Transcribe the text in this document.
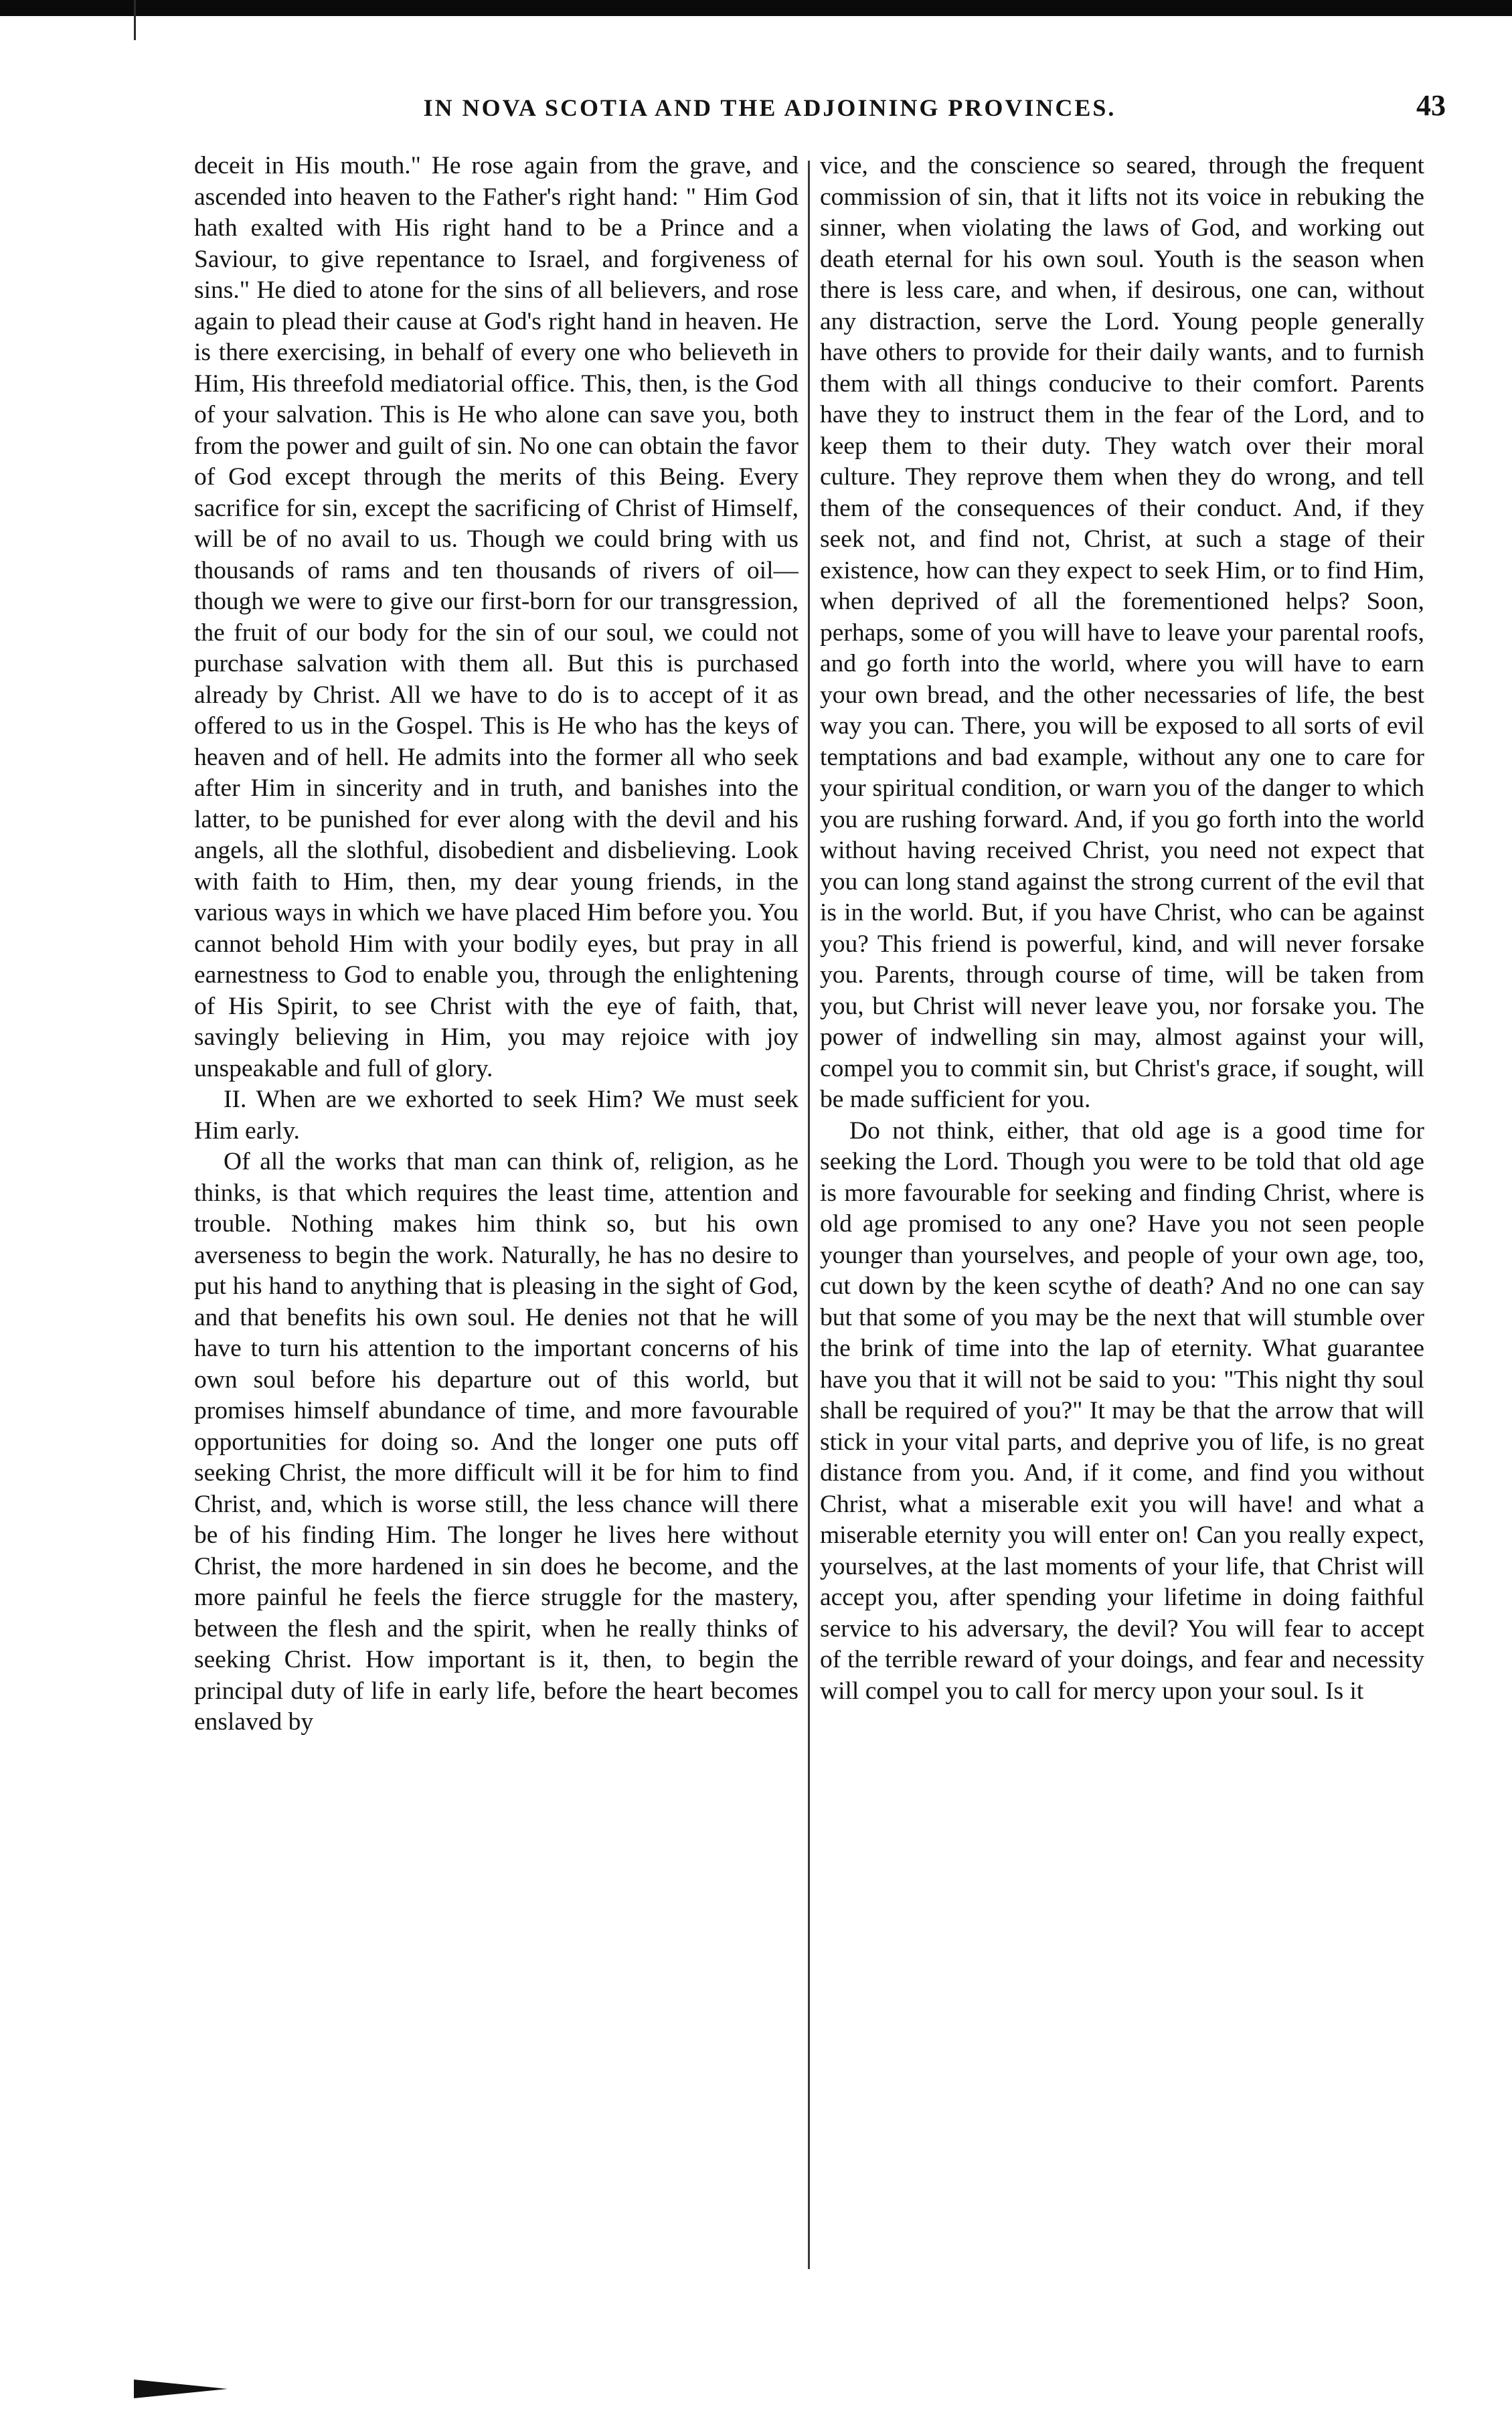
IN NOVA SCOTIA AND THE ADJOINING PROVINCES.	43

deceit in His mouth." He rose again from the grave, and ascended into heaven to the Father's right hand: " Him God hath exalted with His right hand to be a Prince and a Saviour, to give repentance to Israel, and forgiveness of sins." He died to atone for the sins of all believers, and rose again to plead their cause at God's right hand in heaven. He is there exercising, in behalf of every one who believeth in Him, His threefold mediatorial office. This, then, is the God of your salvation. This is He who alone can save you, both from the power and guilt of sin. No one can obtain the favor of God except through the merits of this Being. Every sacrifice for sin, except the sacrificing of Christ of Himself, will be of no avail to us. Though we could bring with us thousands of rams and ten thousands of rivers of oil—though we were to give our first-born for our transgression, the fruit of our body for the sin of our soul, we could not purchase salvation with them all. But this is purchased already by Christ. All we have to do is to accept of it as offered to us in the Gospel. This is He who has the keys of heaven and of hell. He admits into the former all who seek after Him in sincerity and in truth, and banishes into the latter, to be punished for ever along with the devil and his angels, all the slothful, disobedient and disbelieving. Look with faith to Him, then, my dear young friends, in the various ways in which we have placed Him before you. You cannot behold Him with your bodily eyes, but pray in all earnestness to God to enable you, through the enlightening of His Spirit, to see Christ with the eye of faith, that, savingly believing in Him, you may rejoice with joy unspeakable and full of glory.

II. When are we exhorted to seek Him? We must seek Him early.

Of all the works that man can think of, religion, as he thinks, is that which requires the least time, attention and trouble. Nothing makes him think so, but his own averseness to begin the work. Naturally, he has no desire to put his hand to anything that is pleasing in the sight of God, and that benefits his own soul. He denies not that he will have to turn his attention to the important concerns of his own soul before his departure out of this world, but promises himself abundance of time, and more favourable opportunities for doing so. And the longer one puts off seeking Christ, the more difficult will it be for him to find Christ, and, which is worse still, the less chance will there be of his finding Him. The longer he lives here without Christ, the more hardened in sin does he become, and the more painful he feels the fierce struggle for the mastery, between the flesh and the spirit, when he really thinks of seeking Christ. How important is it, then, to begin the principal duty of life in early life, before the heart becomes enslaved by

vice, and the conscience so seared, through the frequent commission of sin, that it lifts not its voice in rebuking the sinner, when violating the laws of God, and working out death eternal for his own soul. Youth is the season when there is less care, and when, if desirous, one can, without any distraction, serve the Lord. Young people generally have others to provide for their daily wants, and to furnish them with all things conducive to their comfort. Parents have they to instruct them in the fear of the Lord, and to keep them to their duty. They watch over their moral culture. They reprove them when they do wrong, and tell them of the consequences of their conduct. And, if they seek not, and find not, Christ, at such a stage of their existence, how can they expect to seek Him, or to find Him, when deprived of all the forementioned helps? Soon, perhaps, some of you will have to leave your parental roofs, and go forth into the world, where you will have to earn your own bread, and the other necessaries of life, the best way you can. There, you will be exposed to all sorts of evil temptations and bad example, without any one to care for your spiritual condition, or warn you of the danger to which you are rushing forward. And, if you go forth into the world without having received Christ, you need not expect that you can long stand against the strong current of the evil that is in the world. But, if you have Christ, who can be against you? This friend is powerful, kind, and will never forsake you. Parents, through course of time, will be taken from you, but Christ will never leave you, nor forsake you. The power of indwelling sin may, almost against your will, compel you to commit sin, but Christ's grace, if sought, will be made sufficient for you.

Do not think, either, that old age is a good time for seeking the Lord. Though you were to be told that old age is more favourable for seeking and finding Christ, where is old age promised to any one? Have you not seen people younger than yourselves, and people of your own age, too, cut down by the keen scythe of death? And no one can say but that some of you may be the next that will stumble over the brink of time into the lap of eternity. What guarantee have you that it will not be said to you: "This night thy soul shall be required of you?" It may be that the arrow that will stick in your vital parts, and deprive you of life, is no great distance from you. And, if it come, and find you without Christ, what a miserable exit you will have! and what a miserable eternity you will enter on! Can you really expect, yourselves, at the last moments of your life, that Christ will accept you, after spending your lifetime in doing faithful service to his adversary, the devil? You will fear to accept of the terrible reward of your doings, and fear and necessity will compel you to call for mercy upon your soul. Is it
